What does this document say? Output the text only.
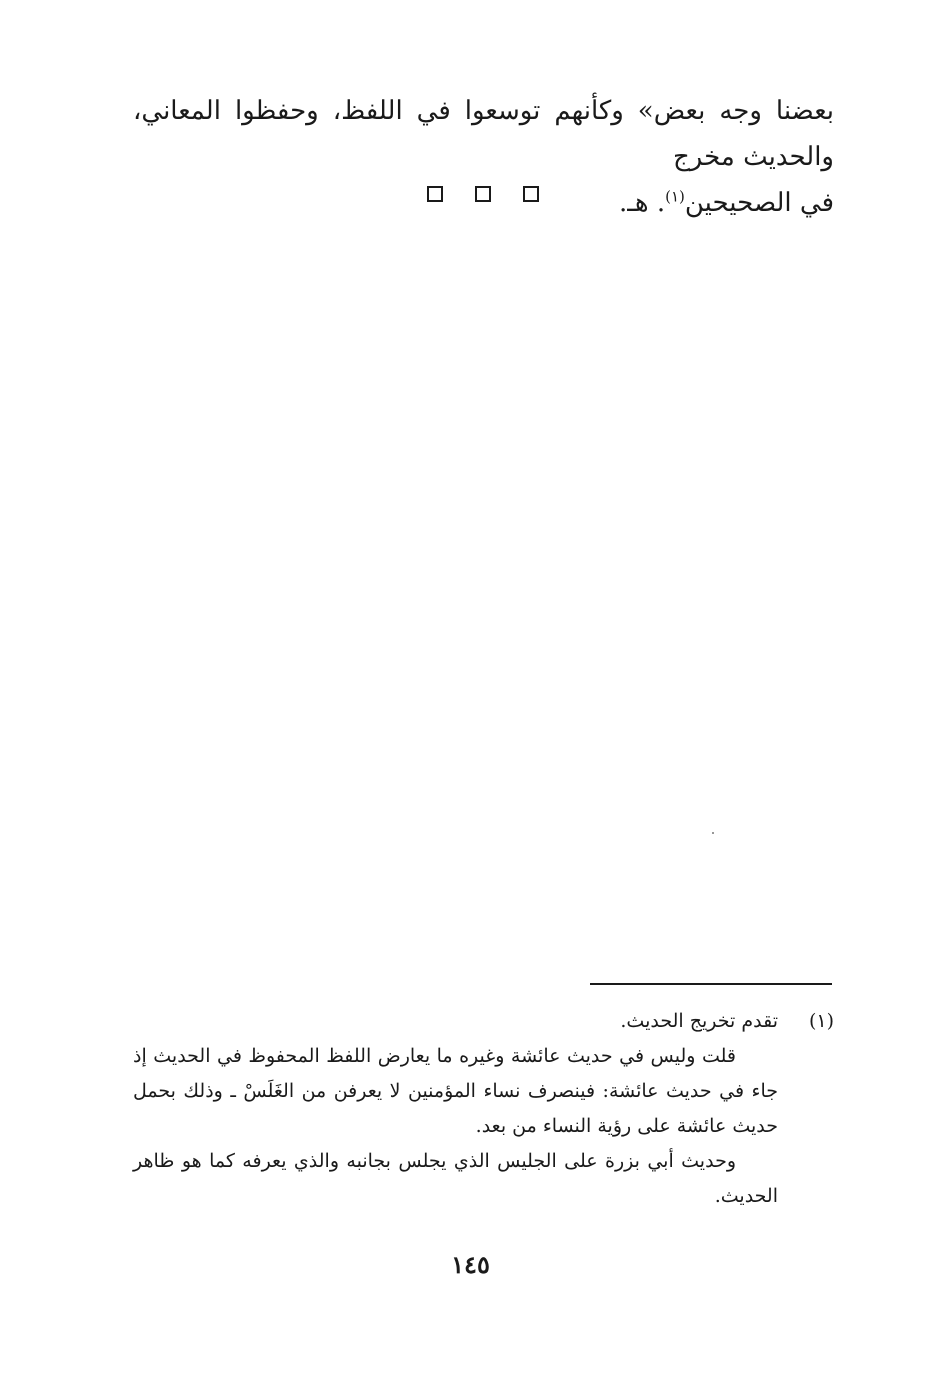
بعضنا وجه بعض» وكأنهم توسعوا في اللفظ، وحفظوا المعاني، والحديث مخرج

في الصحيحين$^{(١)}$. هـ.

(١)

تقدم تخريج الحديث.

قلت وليس في حديث عائشة وغيره ما يعارض اللفظ المحفوظ في الحديث إذ جاء في حديث عائشة: فينصرف نساء المؤمنين لا يعرفن من الغَلَسْ ـ وذلك بحمل حديث عائشة على رؤية النساء من بعد.

وحديث أبي بزرة على الجليس الذي يجلس بجانبه والذي يعرفه كما هو ظاهر الحديث.

١٤٥
